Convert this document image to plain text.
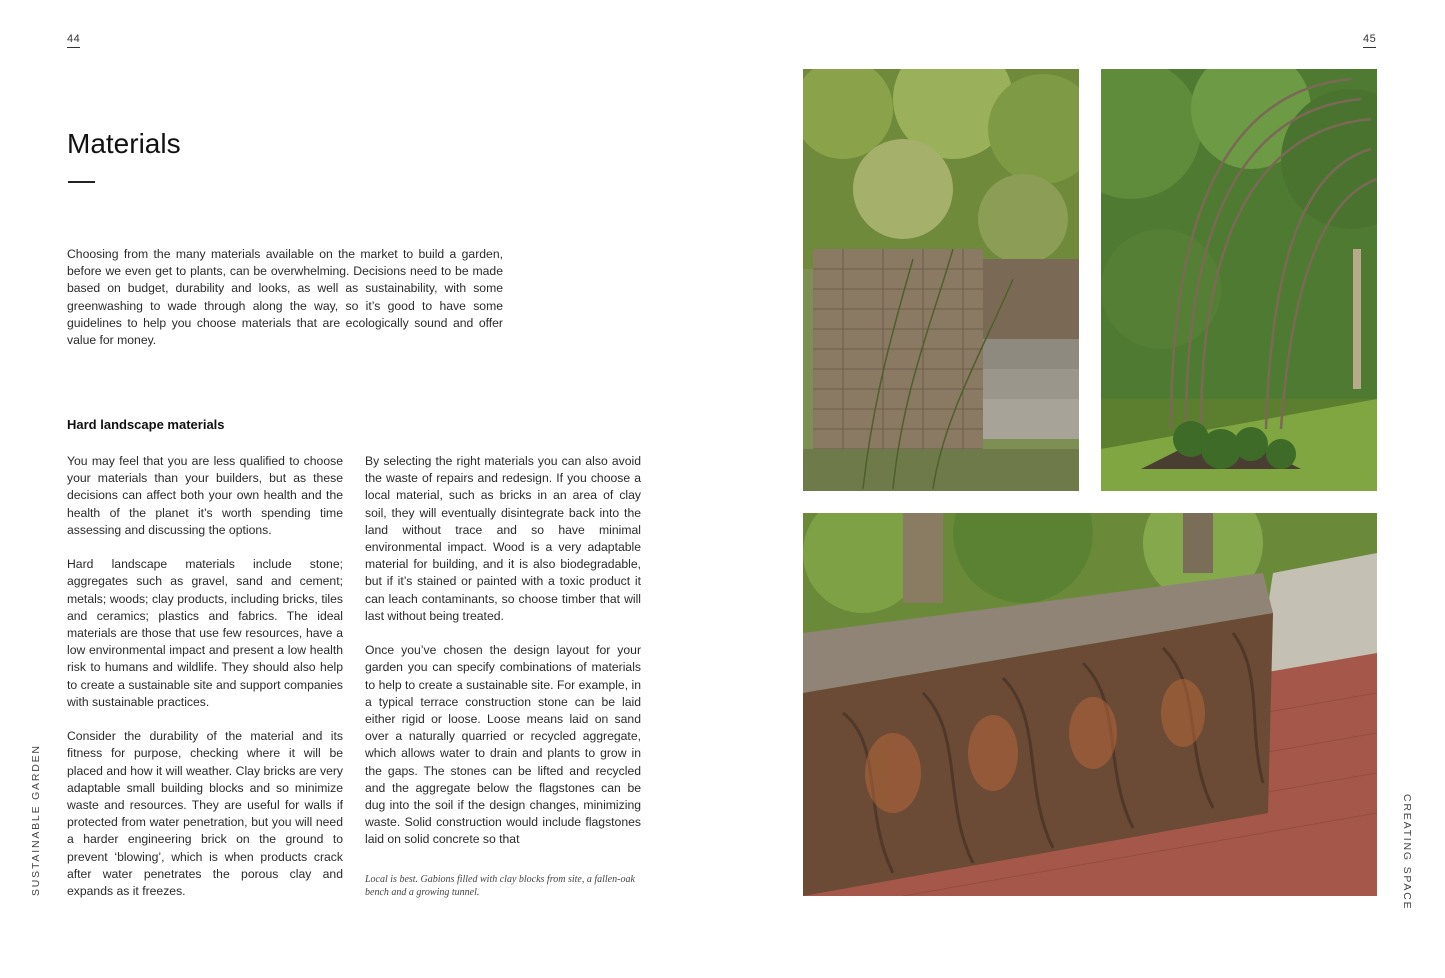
44	45
Materials
Choosing from the many materials available on the market to build a garden, before we even get to plants, can be overwhelming. Decisions need to be made based on budget, durability and looks, as well as sustainability, with some greenwashing to wade through along the way, so it’s good to have some guidelines to help you choose materials that are ecologically sound and offer value for money.
Hard landscape materials

You may feel that you are less qualified to choose your materials than your builders, but as these decisions can affect both your own health and the health of the planet it’s worth spending time assessing and discussing the options.

Hard landscape materials include stone; aggregates such as gravel, sand and cement; metals; woods; clay products, including bricks, tiles and ceramics; plastics and fabrics. The ideal materials are those that use few resources, have a low environmental impact and present a low health risk to humans and wildlife. They should also help to create a sustainable site and support companies with sustainable practices.

Consider the durability of the material and its fitness for purpose, checking where it will be placed and how it will weather. Clay bricks are very adaptable small building blocks and so minimize waste and resources. They are useful for walls if protected from water penetration, but you will need a harder engineering brick on the ground to prevent ‘blowing’, which is when products crack after water penetrates the porous clay and expands as it freezes.

By selecting the right materials you can also avoid the waste of repairs and redesign. If you choose a local material, such as bricks in an area of clay soil, they will eventually disintegrate back into the land without trace and so have minimal environmental impact. Wood is a very adaptable material for building, and it is also biodegradable, but if it’s stained or painted with a toxic product it can leach contaminants, so choose timber that will last without being treated.

Once you’ve chosen the design layout for your garden you can specify combinations of materials to help to create a sustainable site. For example, in a typical terrace construction stone can be laid either rigid or loose. Loose means laid on sand over a naturally quarried or recycled aggregate, which allows water to drain and plants to grow in the gaps. The stones can be lifted and recycled and the aggregate below the flagstones can be dug into the soil if the design changes, minimizing waste. Solid construction would include flagstones laid on solid concrete so that

Local is best. Gabions filled with clay blocks from site, a fallen-oak bench and a growing tunnel.
SUSTAINABLE GARDEN	CREATING SPACE
